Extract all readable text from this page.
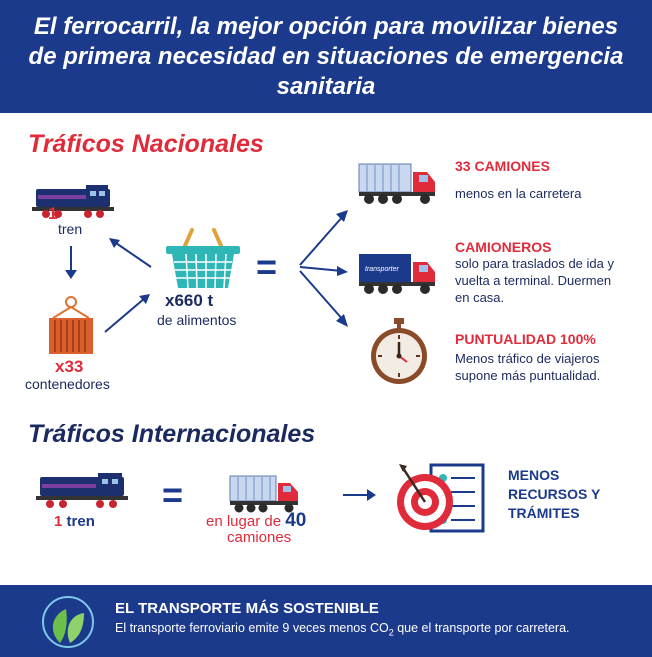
El ferrocarril, la mejor opción para movilizar bienes de primera necesidad en situaciones de emergencia sanitaria
Tráficos Nacionales
1
tren
x33
contenedores
x660 t
de alimentos
=
33 CAMIONES
menos en la carretera
transporter
CAMIONEROS
solo para traslados de ida y vuelta a terminal. Duermen en casa.
PUNTUALIDAD 100%
Menos tráfico de viajeros supone más puntualidad.
Tráficos Internacionales
1 tren
=
en lugar de 40
camiones
MENOS RECURSOS Y TRÁMITES
EL TRANSPORTE MÁS SOSTENIBLE
El transporte ferroviario emite 9 veces menos $CO_2$ que el transporte por carretera.
